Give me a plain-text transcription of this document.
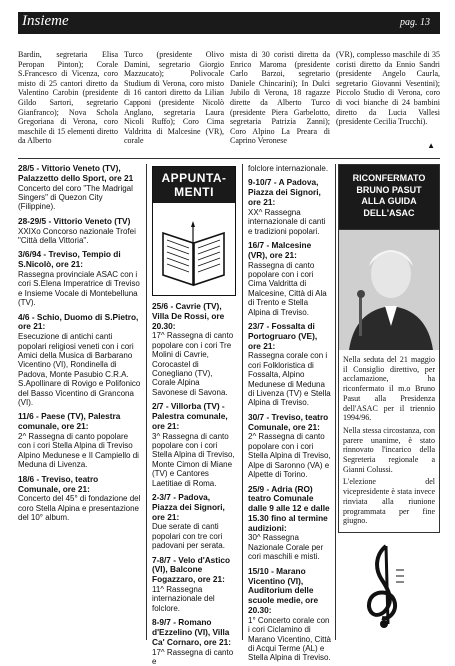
Insieme	pag. 13
Bardin, segretaria Elisa Peropan Pinton); Corale S.Francesco di Vicenza, coro misto di 25 cantori diretto da Valentino Carobin (presidente Gildo Sartori, segretario Gianfranco); Nova Schola Gregoriana di Verona, coro maschile di 15 elementi diretto da Alberto
Turco (presidente Olivo Damini, segretario Giorgio Mazzucato); Polivocale Studium di Verona, coro misto di 16 cantori diretto da Lilian Capponi (presidente Nicolò Anglano, segretaria Laura Nicoli Ruffo); Coro Cima Valdritta di Malcesine (VR), corale
mista di 30 coristi diretta da Enrico Maroma (presidente Carlo Barzoi, segretario Daniele Chincarini); In Dulci Jubilo di Verona, 18 ragazze dirette da Alberto Turco (presidente Piera Garbelotto, segretaria Patrizia Zanni); Coro Alpino La Preara di Caprino Veronese
(VR), complesso maschile di 35 coristi diretto da Ennio Sandri (presidente Angelo Caurla, segretario Giovanni Vesentini); Piccolo Studio di Verona, coro di voci bianche di 24 bambini diretto da Lucia Vallesi (presidente Cecilia Trucchi).
▲
28/5 - Vittorio Veneto (TV), Palazzetto dello Sport, ore 21
Concerto del coro "The Madrigal Singers" di Quezon City (Filippine).
28-29/5 - Vittorio Veneto (TV)
XXIXo Concorso nazionale Trofei "Città della Vittoria".
3/6/94 - Treviso, Tempio di S.Nicolò, ore 21:
Rassegna provinciale ASAC con i cori S.Elena Imperatrice di Treviso e Insieme Vocale di Montebelluna (TV).
4/6 - Schio, Duomo di S.Pietro, ore 21:
Esecuzione di antichi canti popolari religiosi veneti con i cori Amici della Musica di Barbarano Vicentino (VI), Rondinella di Padova, Monte Pasubio C.R.A. S.Apollinare di Rovigo e Polifonico del Basso Vicentino di Grancona (VI).
11/6 - Paese (TV), Palestra comunale, ore 21:
2^ Rassegna di canto popolare con i cori Stella Alpina di Treviso Alpino Medunese e Il Campiello di Meduna di Livenza.
18/6 - Treviso, teatro Comunale, ore 21:
Concerto del 45° di fondazione del coro Stella Alpina e presentazione del 10° album.
APPUNTA-
MENTI
25/6 - Cavrie (TV), Villa De Rossi, ore 20.30:
17^ Rassegna di canto popolare con i cori Tre Molini di Cavrie, Corocastel di Conegliano (TV), Corale Alpina Savonese di Savona.
2/7 - Villorba (TV) - Palestra comunale, ore 21:
3^ Rassegna di canto popolare con i cori Stella Alpina di Treviso, Monte Cimon di Miane (TV) e Cantores Laetitiae di Roma.
2-3/7 - Padova, Piazza dei Signori, ore 21:
Due serate di canti popolari con tre cori padovani per serata.
7-8/7 - Velo d'Astico (VI), Balcone Fogazzaro, ore 21:
11^ Rassegna internazionale del folclore.
8-9/7 - Romano d'Ezzelino (VI), Villa Ca' Cornaro, ore 21:
17^ Rassegna di canto e
folclore internazionale.
9-10/7 - A Padova, Piazza dei Signori, ore 21:
XX^ Rassegna internazionale di canti e tradizioni popolari.
16/7 - Malcesine (VR), ore 21:
Rassegna di canto popolare con i cori Cima Valdritta di Malcesine, Città di Ala di Trento e Stella Alpina di Treviso.
23/7 - Fossalta di Portogruaro (VE), ore 21:
Rassegna corale con i cori Folkloristica di Fossalta, Alpino Medunese di Meduna di Livenza (TV) e Stella Alpina di Treviso.
30/7 - Treviso, teatro Comunale, ore 21:
2^ Rassegna di canto popolare con i cori Stella Alpina di Treviso, Alpe di Saronno (VA) e Alpette di Torino.
25/9 - Adria (RO) teatro Comunale dalle 9 alle 12 e dalle 15.30 fino al termine audizioni:
30^ Rassegna Nazionale Corale per cori maschili e misti.
15/10 - Marano Vicentino (VI), Auditorium delle scuole medie, ore 20.30:
1° Concerto corale con i cori Ciclamino di Marano Vicentino, Città di Acqui Terme (AL) e Stella Alpina di Treviso.
RICONFERMATO
BRUNO PASUT
ALLA GUIDA
DELL'ASAC

Nella seduta del 21 maggio il Consiglio direttivo, per acclamazione, ha riconfermato il m.o Bruno Pasut alla Presidenza dell'ASAC per il triennio 1994/96.

Nella stessa circostanza, con parere unanime, è stato rinnovato l'incarico della Segreteria regionale a Gianni Colussi.

L'elezione del vicepresidente è stata invece rinviata alla riunione programmata per fine giugno.
